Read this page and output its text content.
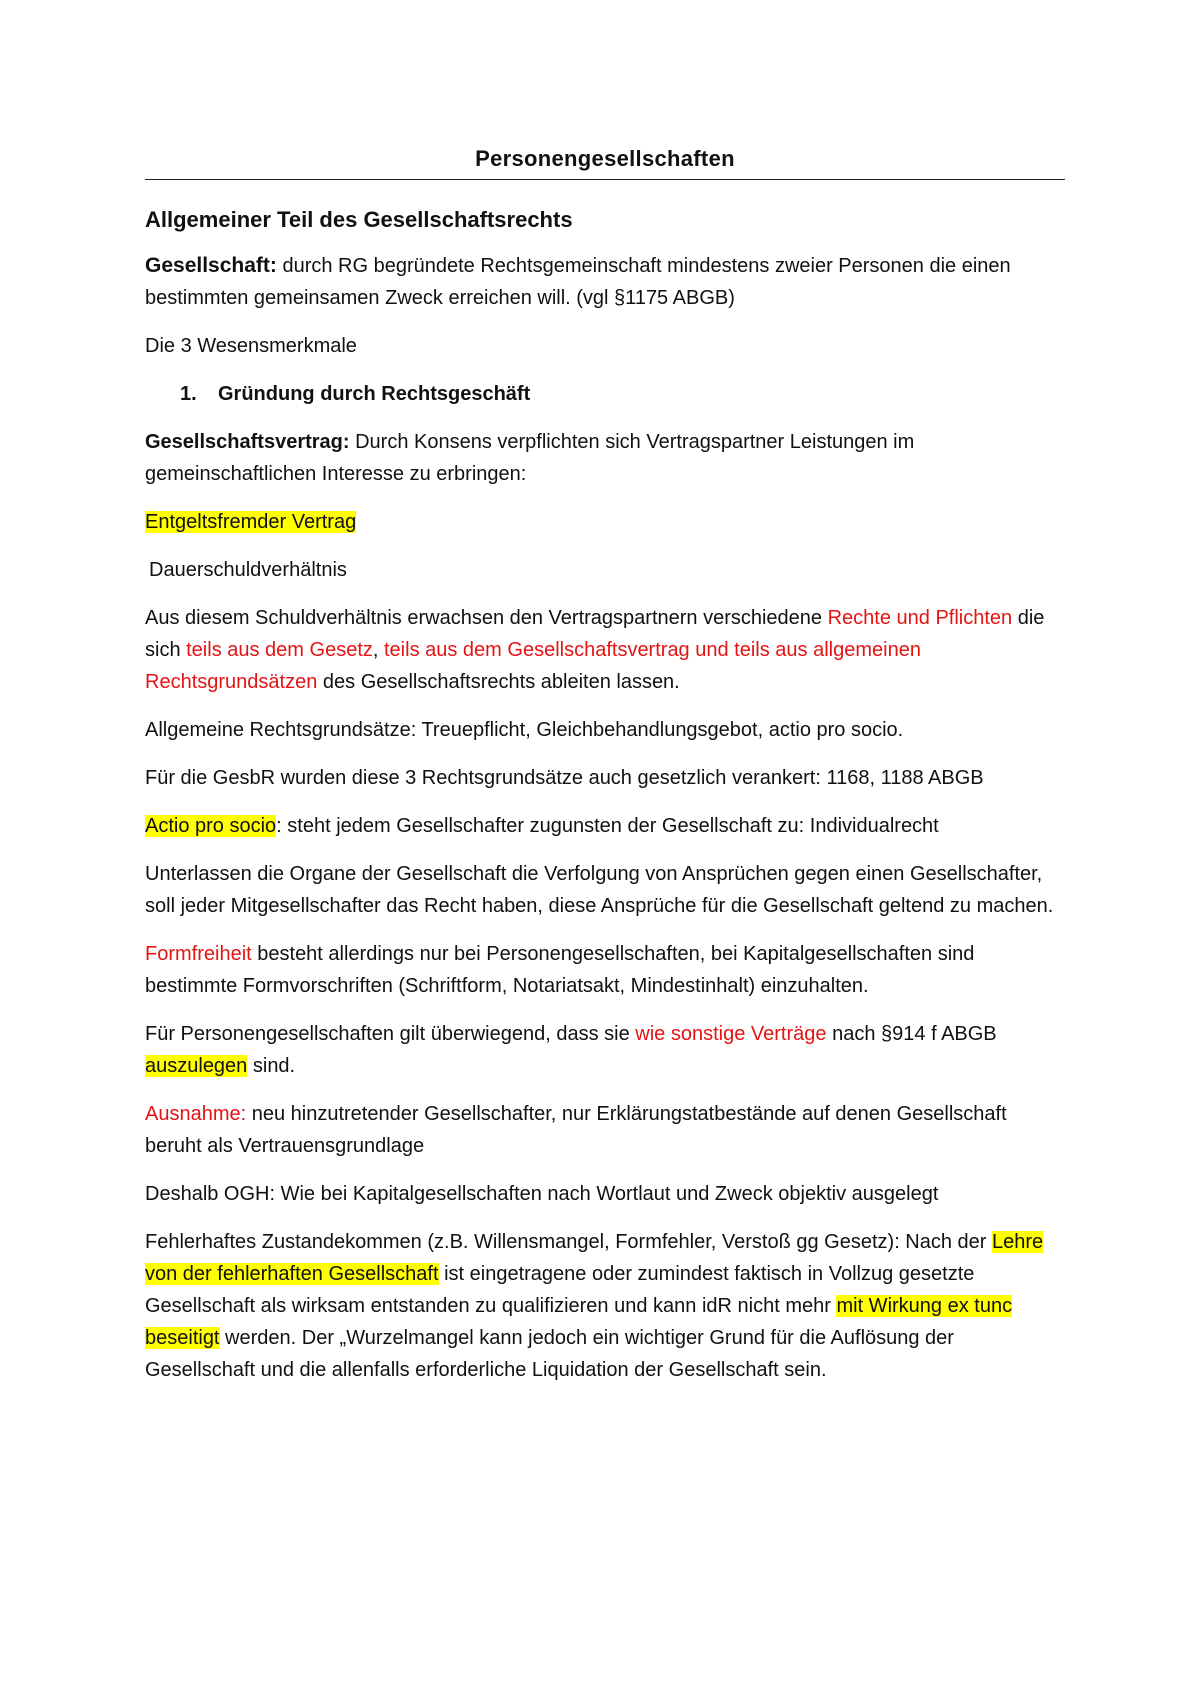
Personengesellschaften

Allgemeiner Teil des Gesellschaftsrechts

Gesellschaft: durch RG begründete Rechtsgemeinschaft mindestens zweier Personen die einen bestimmten gemeinsamen Zweck erreichen will. (vgl §1175 ABGB)

Die 3 Wesensmerkmale

1. Gründung durch Rechtsgeschäft

Gesellschaftsvertrag: Durch Konsens verpflichten sich Vertragspartner Leistungen im gemeinschaftlichen Interesse zu erbringen:

Entgeltsfremder Vertrag

Dauerschuldverhältnis

Aus diesem Schuldverhältnis erwachsen den Vertragspartnern verschiedene Rechte und Pflichten die sich teils aus dem Gesetz, teils aus dem Gesellschaftsvertrag und teils aus allgemeinen Rechtsgrundsätzen des Gesellschaftsrechts ableiten lassen.

Allgemeine Rechtsgrundsätze: Treuepflicht, Gleichbehandlungsgebot, actio pro socio.

Für die GesbR wurden diese 3 Rechtsgrundsätze auch gesetzlich verankert: 1168, 1188 ABGB

Actio pro socio: steht jedem Gesellschafter zugunsten der Gesellschaft zu: Individualrecht

Unterlassen die Organe der Gesellschaft die Verfolgung von Ansprüchen gegen einen Gesellschafter, soll jeder Mitgesellschafter das Recht haben, diese Ansprüche für die Gesellschaft geltend zu machen.

Formfreiheit besteht allerdings nur bei Personengesellschaften, bei Kapitalgesellschaften sind bestimmte Formvorschriften (Schriftform, Notariatsakt, Mindestinhalt) einzuhalten.

Für Personengesellschaften gilt überwiegend, dass sie wie sonstige Verträge nach §914 f ABGB auszulegen sind.

Ausnahme: neu hinzutretender Gesellschafter, nur Erklärungstatbestände auf denen Gesellschaft beruht als Vertrauensgrundlage

Deshalb OGH: Wie bei Kapitalgesellschaften nach Wortlaut und Zweck objektiv ausgelegt

Fehlerhaftes Zustandekommen (z.B. Willensmangel, Formfehler, Verstoß gg Gesetz): Nach der Lehre von der fehlerhaften Gesellschaft ist eingetragene oder zumindest faktisch in Vollzug gesetzte Gesellschaft als wirksam entstanden zu qualifizieren und kann idR nicht mehr mit Wirkung ex tunc beseitigt werden. Der „Wurzelmangel kann jedoch ein wichtiger Grund für die Auflösung der Gesellschaft und die allenfalls erforderliche Liquidation der Gesellschaft sein.
